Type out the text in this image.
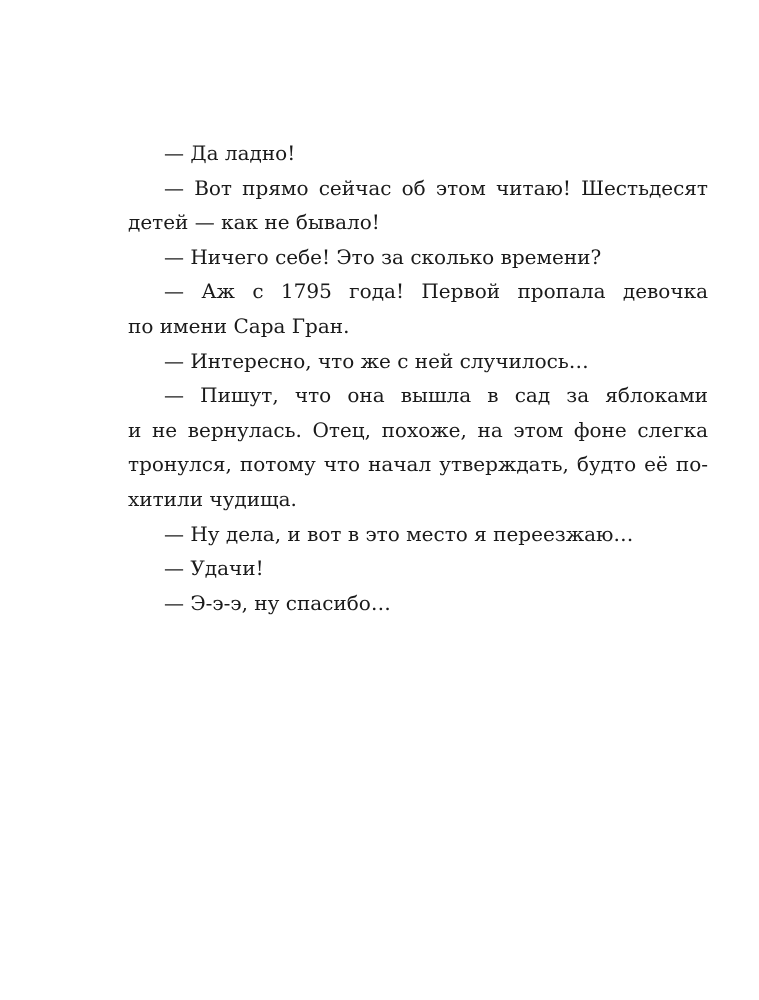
— Да ладно!

— Вот прямо сейчас об этом читаю! Шестьдесят

детей — как не бывало!

— Ничего себе! Это за сколько времени?

— Аж с 1795 года! Первой пропала девочка

по имени Сара Гран.

— Интересно, что же с ней случилось…

— Пишут, что она вышла в сад за яблоками

и не вернулась. Отец, похоже, на этом фоне слегка

тронулся, потому что начал утверждать, будто её по-

хитили чудища.

— Ну дела, и вот в это место я переезжаю…

— Удачи!

— Э-э-э, ну спасибо…
